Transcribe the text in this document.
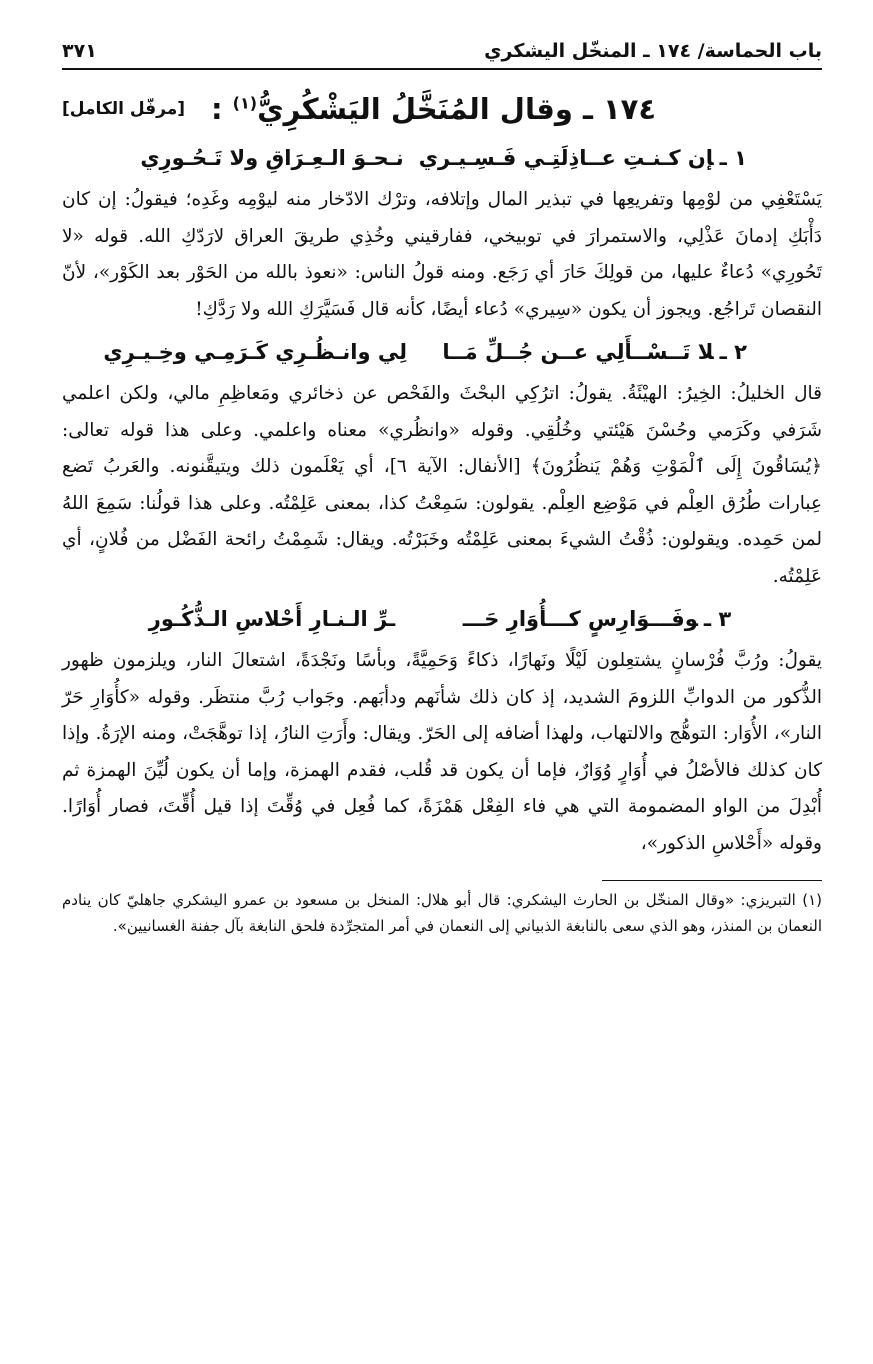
باب الحماسة/ ١٧٤ ـ المنخّل اليشكري
٣٧١
١٧٤ ـ وقال المُنَخَّلُ اليَشْكُرِيُّ$^{(١)}$ :
[مرفّل الكامل]
١ ـإن كـنـتِ عــاذِلَتِـي فَـسِـيـري
نـحـوَ الـعِـرَاقِ ولا تَـحُـورِي

يَسْتَعْفِي من لوْمِها وتفريعِها في تبذير المال وإتلافه، وترْك الادّخار منه ليوْمِه وغَدِه؛ فيقولُ: إن كان دَأْبَكِ إدمانَ عَذْلِي، والاستمرارَ في توبيخي، ففارقيني وخُذِي طريقَ العراق لارَدّكِ الله. قوله «لا تَحُورِي» دُعاءٌ عليها، من قولِكَ حَارَ أي رَجَع. ومنه قولُ الناس: «نعوذ بالله من الحَوْر بعد الكَوْر»، لأنّ النقصان تَراجُع. ويجوز أن يكون «سِيري» دُعاء أيضًا، كأنه قال فَسَيَّرَكِ الله ولا رَدَّكِ!

٢ ـلا تَــسْــأَلِي عــن جُــلِّ مَــا
لِي وانـظُـرِي كَـرَمِـي وخِـيـرِي

قال الخليلُ: الخِيرُ: الهيْئَةُ. يقولُ: اترُكِي البحْثَ والفَحْص عن ذخائري ومَعاظِمِ مالي، ولكن اعلمي شَرَفي وكَرَمي وحُسْنَ هَيْئتي وخُلُقِي. وقوله «وانظُري» معناه واعلمي. وعلى هذا قوله تعالى: ﴿يُسَاقُونَ إِلَى ٱلْمَوْتِ وَهُمْ يَنظُرُونَ﴾ [الأنفال: الآية ٦]، أي يَعْلَمون ذلك ويتيقَّنونه. والعَربُ تَضع عِبارات طُرُق العِلْم في مَوْضِع العِلْم. يقولون: سَمِعْتُ كذا، بمعنى عَلِمْتُه. وعلى هذا قولُنا: سَمِعَ اللهُ لمن حَمِده. ويقولون: ذُقْتُ الشيءَ بمعنى عَلِمْتُه وخَبَرْتُه. ويقال: شَمِمْتُ رائحة الفَضْل من فُلانٍ، أي عَلِمْتُه.

٣ ـوفَـــوَارِسٍ كـــأُوَارِ حَـــ
ـرِّ الـنـارِ أَحْلاسِ الـذُّكُـورِ

يقولُ: ورُبَّ فُرْسانٍ يشتعِلون لَيْلًا ونَهارًا، ذكاءً وَحَمِيَّةً، وبأسًا ونَجْدَةً، اشتعالَ النار، ويلزمون ظهور الذُّكور من الدوابِّ اللزومَ الشديد، إذ كان ذلك شأنَهم ودأبَهم. وجَواب رُبَّ منتظَر. وقوله «كأُوَارِ حَرّ النار»، الأُوَار: التوهُّج والالتهاب، ولهذا أضافه إلى الحَرّ. ويقال: وأَرَتِ النارُ، إذا توهَّجَتْ، ومنه الإرَةُ. وإذا كان كذلك فالأصْلُ في أُوَارٍ وُوَارٌ، فإما أن يكون قد قُلب، فقدم الهمزة، وإما أن يكون لُيِّنَ الهمزة ثم أُبْدِلَ من الواو المضمومة التي هي فاء الفِعْل هَمْزَةً، كما فُعِل في وُقِّتَ إذا قيل أُقِّتَ، فصار أُوَارًا. وقوله «أَحْلاسِ الذكور»،

(١) التبريزي: «وقال المنخّل بن الحارث اليشكري: قال أبو هلال: المنخل بن مسعود بن عمرو اليشكري جاهليّ كان ينادم النعمان بن المنذر، وهو الذي سعى بالنابغة الذبياني إلى النعمان في أمر المتجرِّدة فلحق النابغة بآل جفنة الغسانيين».
